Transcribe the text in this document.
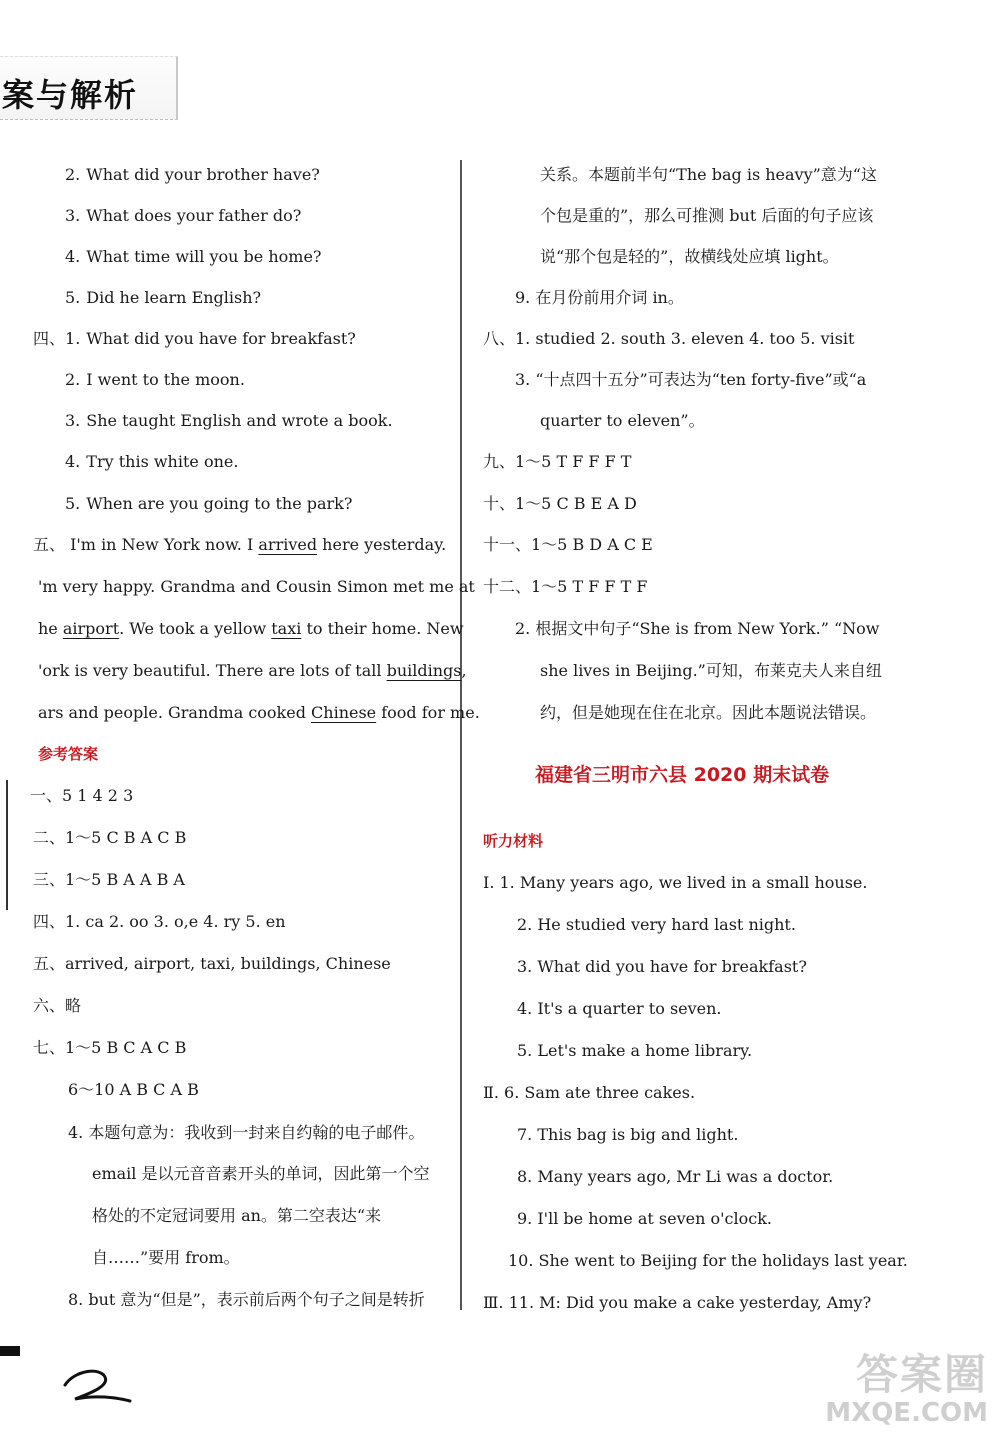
案与解析
2. What did your brother have?
3. What does your father do?
4. What time will you be home?
5. Did he learn English?
四、1. What did you have for breakfast?
2. I went to the moon.
3. She taught English and wrote a book.
4. Try this white one.
5. When are you going to the park?
五、 I'm in New York now. I arrived here yesterday.
'm very happy. Grandma and Cousin Simon met me at
he airport. We took a yellow taxi to their home. New
'ork is very beautiful. There are lots of tall buildings,
ars and people. Grandma cooked Chinese food for me.
参考答案
一、5 1 4 2 3
二、1～5 C B A C B
三、1～5 B A A B A
四、1. ca 2. oo 3. o,e 4. ry 5. en
五、arrived, airport, taxi, buildings, Chinese
六、略
七、1～5 B C A C B
6～10 A B C A B
4. 本题句意为：我收到一封来自约翰的电子邮件。
email 是以元音音素开头的单词，因此第一个空
格处的不定冠词要用 an。第二空表达“来
自……”要用 from。
8. but 意为“但是”，表示前后两个句子之间是转折
关系。本题前半句“The bag is heavy”意为“这
个包是重的”，那么可推测 but 后面的句子应该
说“那个包是轻的”，故横线处应填 light。
9. 在月份前用介词 in。
八、1. studied 2. south 3. eleven 4. too 5. visit
3. “十点四十五分”可表达为“ten forty-five”或“a
quarter to eleven”。
九、1～5 T F F F T
十、1～5 C B E A D
十一、1～5 B D A C E
十二、1～5 T F F T F
2. 根据文中句子“She is from New York.” “Now
she lives in Beijing.”可知，布莱克夫人来自纽
约，但是她现在住在北京。因此本题说法错误。
福建省三明市六县 2020 期末试卷
听力材料
Ⅰ. 1. Many years ago, we lived in a small house.
2. He studied very hard last night.
3. What did you have for breakfast?
4. It's a quarter to seven.
5. Let's make a home library.
Ⅱ. 6. Sam ate three cakes.
7. This bag is big and light.
8. Many years ago, Mr Li was a doctor.
9. I'll be home at seven o'clock.
10. She went to Beijing for the holidays last year.
Ⅲ. 11. M: Did you make a cake yesterday, Amy?
答案圈
MXQE.COM
